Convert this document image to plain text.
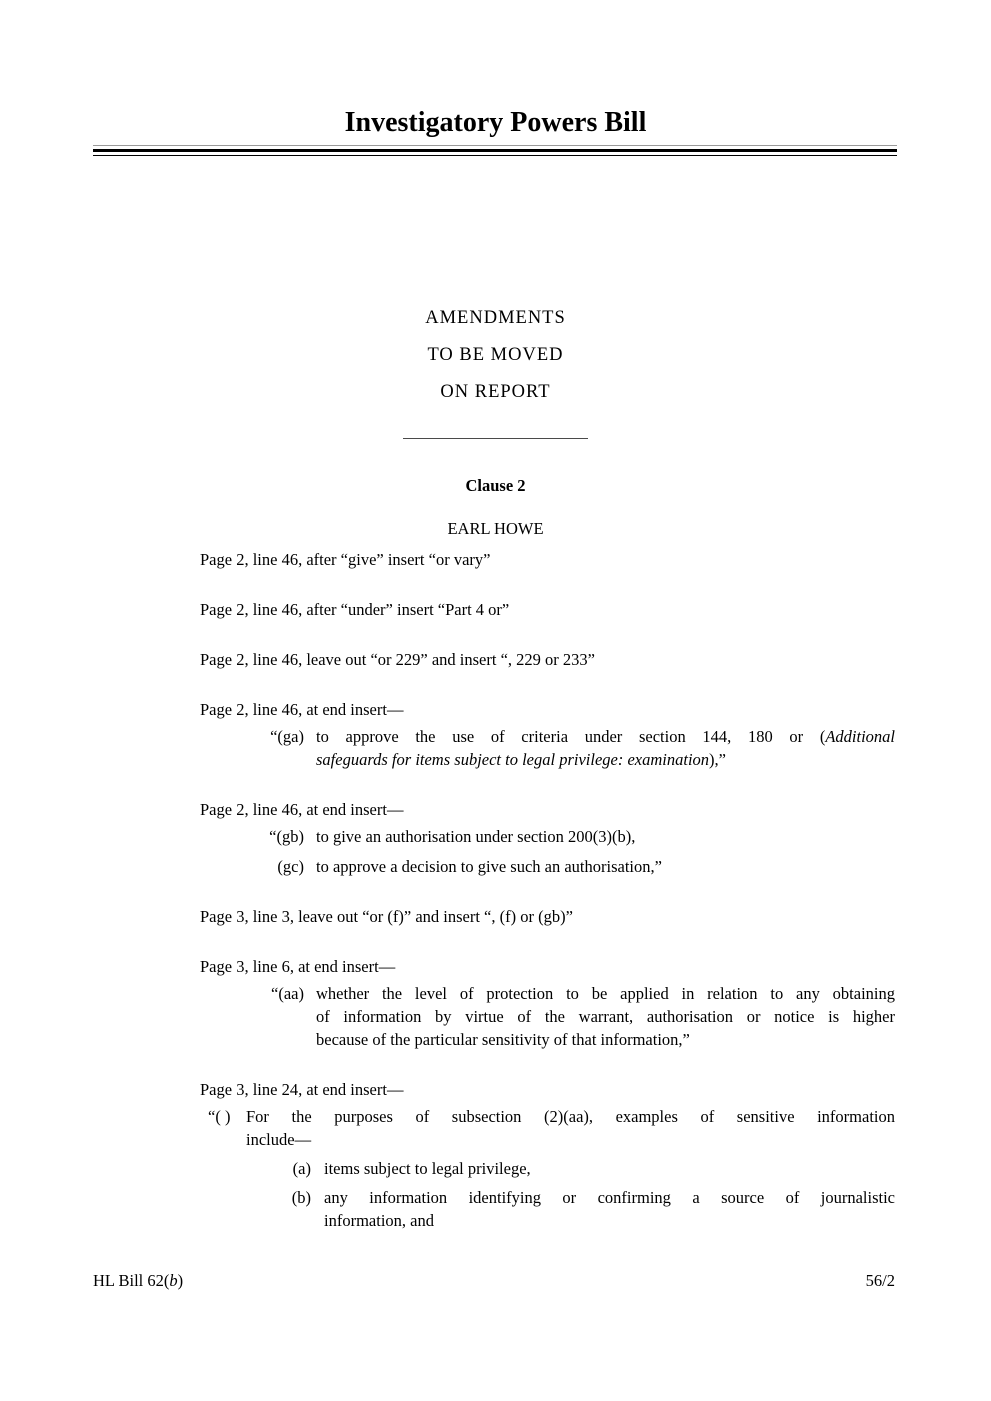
Investigatory Powers Bill
AMENDMENTS
TO BE MOVED
ON REPORT
Clause 2
EARL HOWE
Page 2, line 46, after “give” insert “or vary”
Page 2, line 46, after “under” insert “Part 4 or”
Page 2, line 46, leave out “or 229” and insert “, 229 or 233”
Page 2, line 46, at end insert—
“(ga) to approve the use of criteria under section 144, 180 or (Additional
safeguards for items subject to legal privilege: examination),”
Page 2, line 46, at end insert—
“(gb) to give an authorisation under section 200(3)(b),
(gc) to approve a decision to give such an authorisation,”
Page 3, line 3, leave out “or (f)” and insert “, (f) or (gb)”
Page 3, line 6, at end insert—
“(aa) whether the level of protection to be applied in relation to any obtaining
of information by virtue of the warrant, authorisation or notice is higher
because of the particular sensitivity of that information,”
Page 3, line 24, at end insert—
“( ) For the purposes of subsection (2)(aa), examples of sensitive information
include—
(a) items subject to legal privilege,
(b) any information identifying or confirming a source of journalistic
information, and
HL Bill 62(b)	56/2
